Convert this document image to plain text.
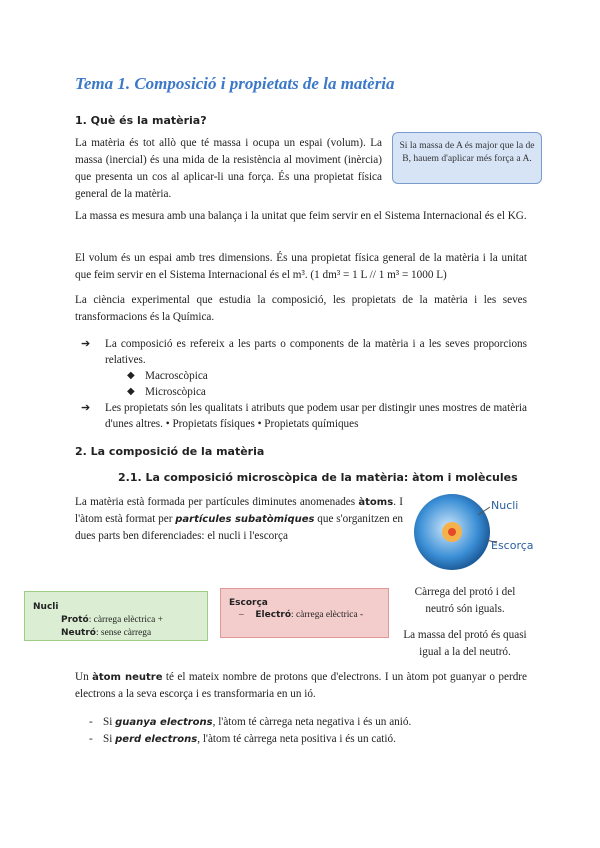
Tema 1. Composició i propietats de la matèria
1. Què és la matèria?

La matèria és tot allò que té massa i ocupa un espai (volum). La massa (inercial) és una mida de la resistència al moviment (inèrcia) que presenta un cos al aplicar-li una força. És una propietat física general de la matèria.

Si la massa de A és major que la de B, hauem d'aplicar més força a A.

La massa es mesura amb una balança i la unitat que feim servir en el Sistema Internacional és el KG.

El volum és un espai amb tres dimensions. És una propietat física general de la matèria i la unitat que feim servir en el Sistema Internacional és el m³. (1 dm³ = 1 L // 1 m³ = 1000 L)

La ciència experimental que estudia la composició, les propietats de la matèria i les seves transformacions és la Química.

➔ La composició es refereix a les parts o components de la matèria i a les seves proporcions relatives.
◆ Macroscòpica
◆ Microscòpica
➔ Les propietats són les qualitats i atributs que podem usar per distingir unes mostres de matèria d'unes altres. • Propietats físiques • Propietats químiques
2. La composició de la matèria
2.1. La composició microscòpica de la matèria: àtom i molècules

La matèria està formada per partícules diminutes anomenades àtoms. I l'àtom està format per partícules subatòmiques que s'organitzen en dues parts ben diferenciades: el nucli i l'escorça

Nucli
Escorça
Nucli
Protó: càrrega elèctrica +
Neutró: sense càrrega
Escorça
–     Electró: càrrega elèctrica -
Càrrega del protó i del neutró són iguals.
La massa del protó és quasi igual a la del neutró.

Un àtom neutre té el mateix nombre de protons que d'electrons. I un àtom pot guanyar o perdre electrons a la seva escorça i es transformaria en un ió.

- Si guanya electrons, l'àtom té càrrega neta negativa i és un anió.
- Si perd electrons, l'àtom té càrrega neta positiva i és un catió.
